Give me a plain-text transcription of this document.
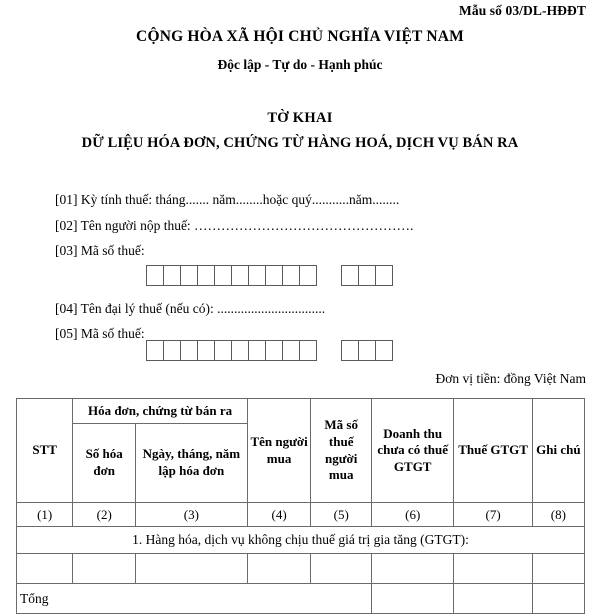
Mẫu số 03/DL-HĐĐT
CỘNG HÒA XÃ HỘI CHỦ NGHĨA VIỆT NAM
Độc lập - Tự do - Hạnh phúc
TỜ KHAI
DỮ LIỆU HÓA ĐƠN, CHỨNG TỪ HÀNG HOÁ, DỊCH VỤ BÁN RA
[01] Kỳ tính thuế: tháng....... năm........hoặc quý...........năm........
[02] Tên người nộp thuế: ………………………………………….
[03] Mã số thuế:
[04] Tên đại lý thuế (nếu có): ................................
[05] Mã số thuế:
Đơn vị tiền: đồng Việt Nam
STT	Hóa đơn, chứng từ bán ra		Tên người mua	Mã số thuế người mua	Doanh thu chưa có thuế GTGT	Thuế GTGT	Ghi chú
	Số hóa đơn	Ngày, tháng, năm lập hóa đơn					

(1)	(2)	(3)	(4)	(5)	(6)	(7)	(8)
1. Hàng hóa, dịch vụ không chịu thuế giá trị gia tăng (GTGT):							

Tổng							
